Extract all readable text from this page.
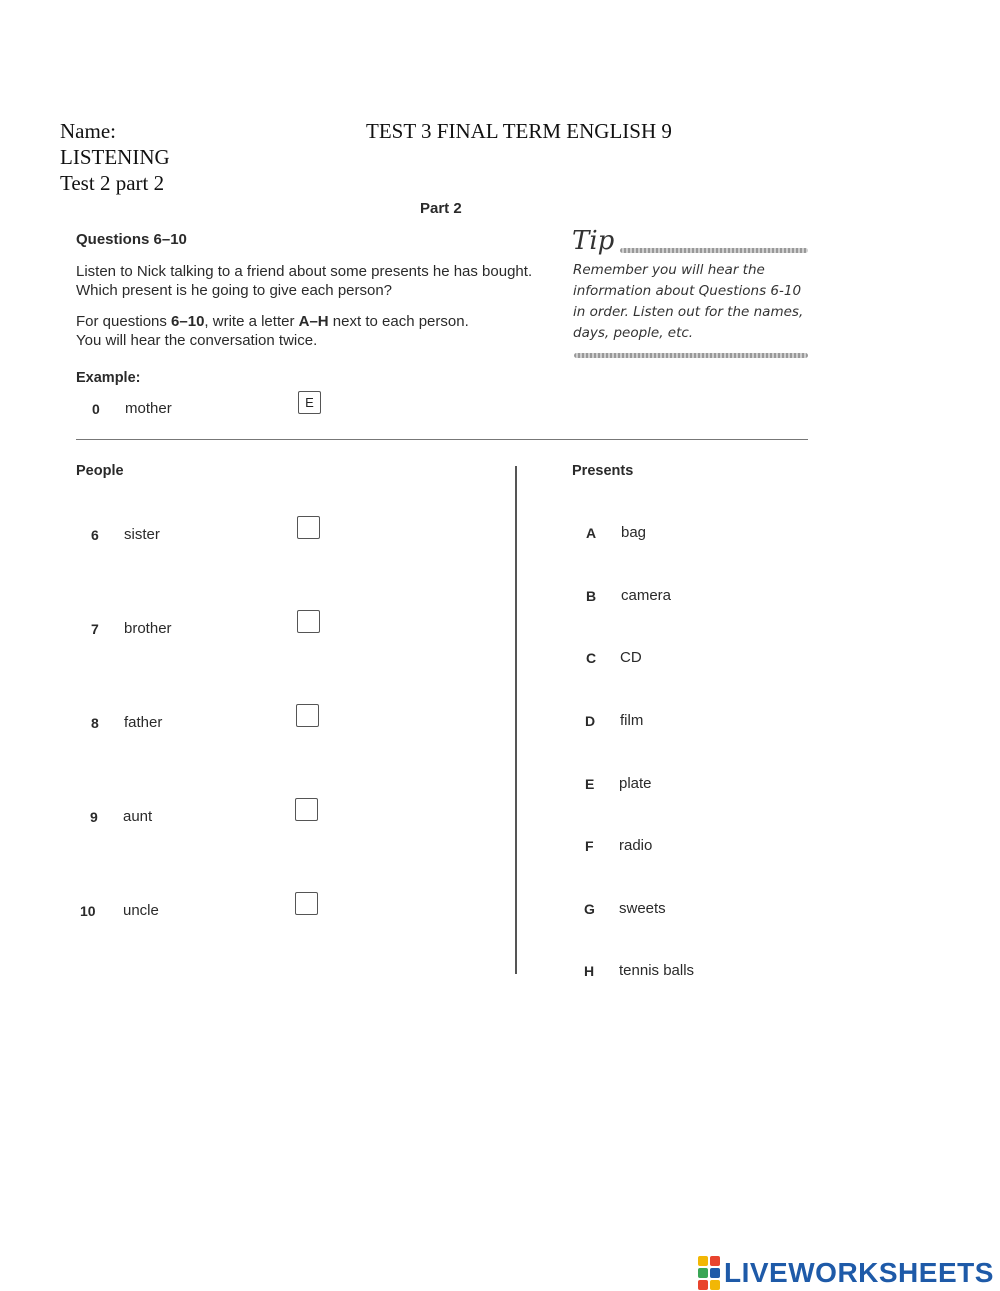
Name:	TEST 3 FINAL TERM ENGLISH 9
LISTENING
Test 2 part 2
Part 2
Questions 6–10
Listen to Nick talking to a friend about some presents he has bought.
Which present is he going to give each person?
For questions 6–10, write a letter A–H next to each person.
You will hear the conversation twice.
Tip
Remember you will hear the
information about Questions 6-10
in order. Listen out for the names,
days, people, etc.
Example:
0 mother	E
People
6 sister
7 brother
8 father
9 aunt
10 uncle
Presents
A bag
B camera
C CD
D film
E plate
F radio
G sweets
H tennis balls
LIVEWORKSHEETS
